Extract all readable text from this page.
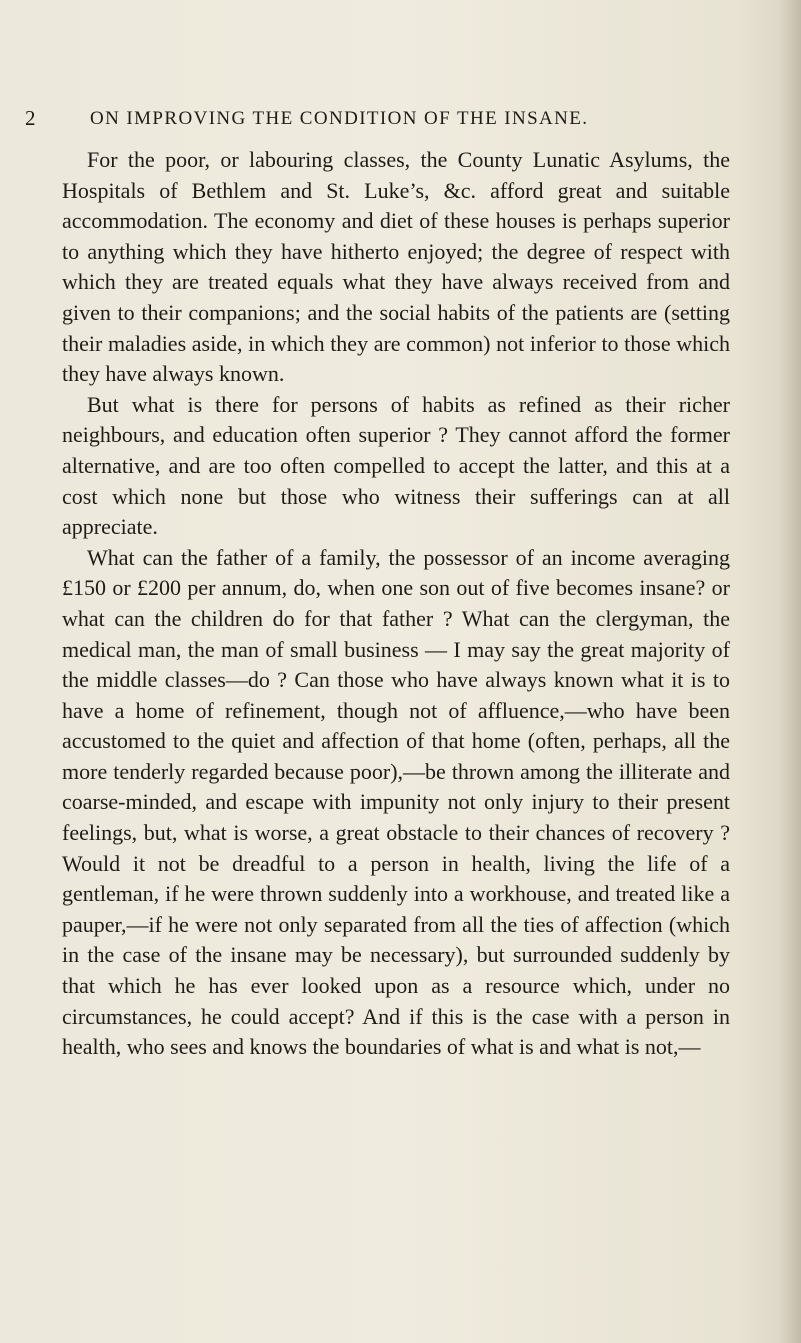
2	ON IMPROVING THE CONDITION OF THE INSANE.

For the poor, or labouring classes, the County Lunatic Asylums, the Hospitals of Bethlem and St. Luke’s, &c. afford great and suitable accommodation. The economy and diet of these houses is perhaps superior to anything which they have hitherto enjoyed; the degree of respect with which they are treated equals what they have always received from and given to their companions; and the social habits of the patients are (setting their maladies aside, in which they are common) not inferior to those which they have always known.

But what is there for persons of habits as refined as their richer neighbours, and education often superior ? They cannot afford the former alternative, and are too often compelled to accept the latter, and this at a cost which none but those who witness their sufferings can at all appreciate.

What can the father of a family, the possessor of an income averaging £150 or £200 per annum, do, when one son out of five becomes insane? or what can the children do for that father ? What can the clergyman, the medical man, the man of small business — I may say the great majority of the middle classes—do ? Can those who have always known what it is to have a home of refinement, though not of affluence,—who have been accustomed to the quiet and affection of that home (often, perhaps, all the more tenderly regarded because poor),—be thrown among the illiterate and coarse-minded, and escape with impunity not only injury to their present feelings, but, what is worse, a great obstacle to their chances of recovery ? Would it not be dreadful to a person in health, living the life of a gentleman, if he were thrown suddenly into a workhouse, and treated like a pauper,—if he were not only separated from all the ties of affection (which in the case of the insane may be necessary), but surrounded suddenly by that which he has ever looked upon as a resource which, under no circumstances, he could accept? And if this is the case with a person in health, who sees and knows the boundaries of what is and what is not,—
